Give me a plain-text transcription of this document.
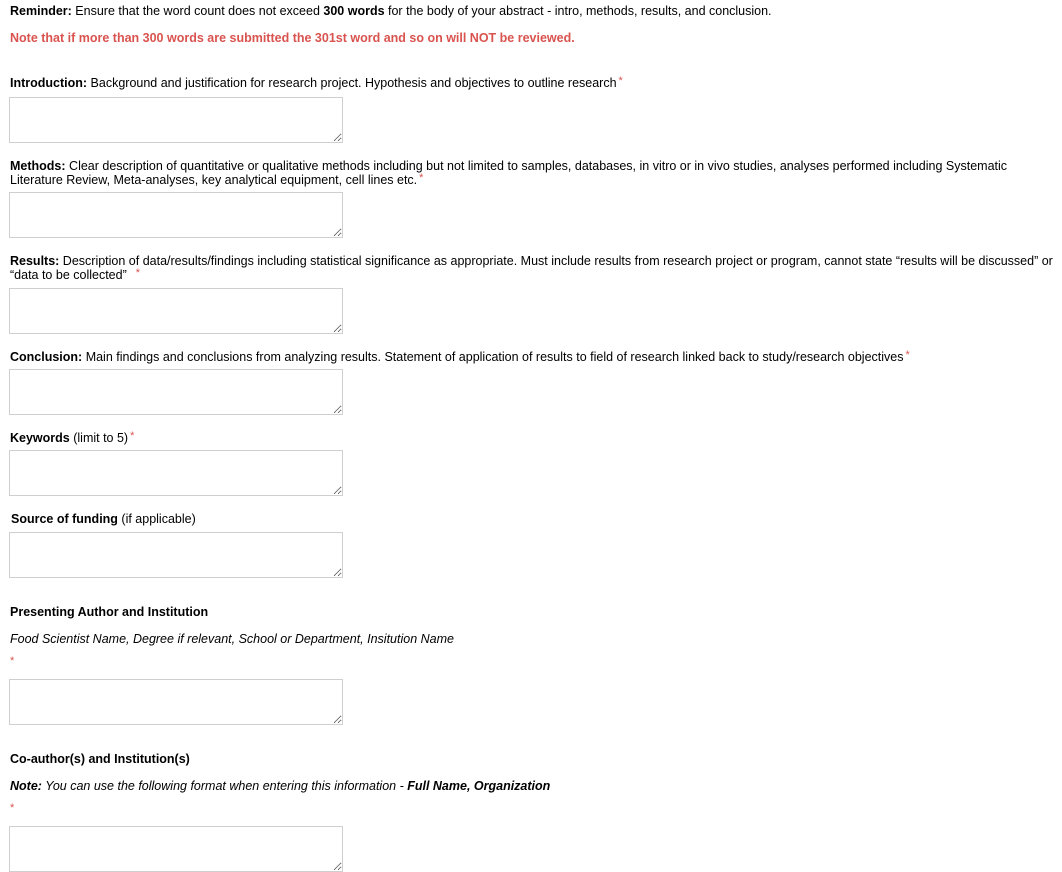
Reminder: Ensure that the word count does not exceed 300 words for the body of your abstract - intro, methods, results, and conclusion.
Note that if more than 300 words are submitted the 301st word and so on will NOT be reviewed.
Introduction: Background and justification for research project. Hypothesis and objectives to outline research *
Methods: Clear description of quantitative or qualitative methods including but not limited to samples, databases, in vitro or in vivo studies, analyses performed including Systematic Literature Review, Meta-analyses, key analytical equipment, cell lines etc. *
Results: Description of data/results/findings including statistical significance as appropriate. Must include results from research project or program, cannot state “results will be discussed” or “data to be collected” *
Conclusion: Main findings and conclusions from analyzing results. Statement of application of results to field of research linked back to study/research objectives *
Keywords (limit to 5) *
Source of funding (if applicable)
Presenting Author and Institution
Food Scientist Name, Degree if relevant, School or Department, Insitution Name
*
Co-author(s) and Institution(s)
Note: You can use the following format when entering this information - Full Name, Organization
*
